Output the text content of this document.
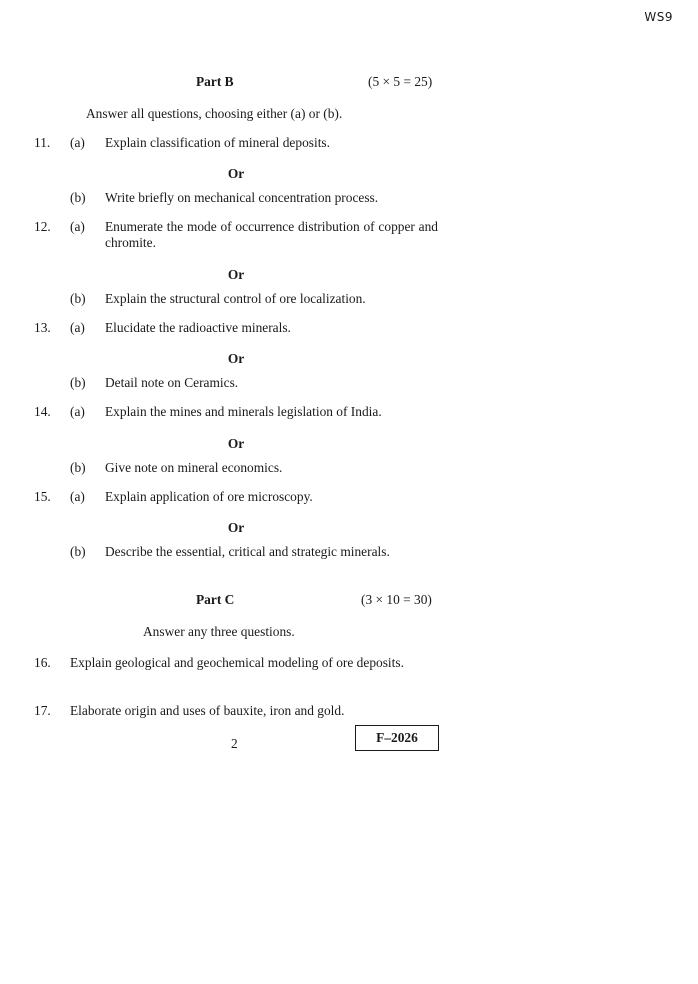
WS9
Part B	(5 × 5 = 25)
Answer all questions, choosing either (a) or (b).
11. (a) Explain classification of mineral deposits.
Or
(b) Write briefly on mechanical concentration process.
12. (a) Enumerate the mode of occurrence distribution of copper and chromite.
Or
(b) Explain the structural control of ore localization.
13. (a) Elucidate the radioactive minerals.
Or
(b) Detail note on Ceramics.
14. (a) Explain the mines and minerals legislation of India.
Or
(b) Give note on mineral economics.
15. (a) Explain application of ore microscopy.
Or
(b) Describe the essential, critical and strategic minerals.
Part C	(3 × 10 = 30)
Answer any three questions.
16. Explain geological and geochemical modeling of ore deposits.
17. Elaborate origin and uses of bauxite, iron and gold.
2	F–2026
